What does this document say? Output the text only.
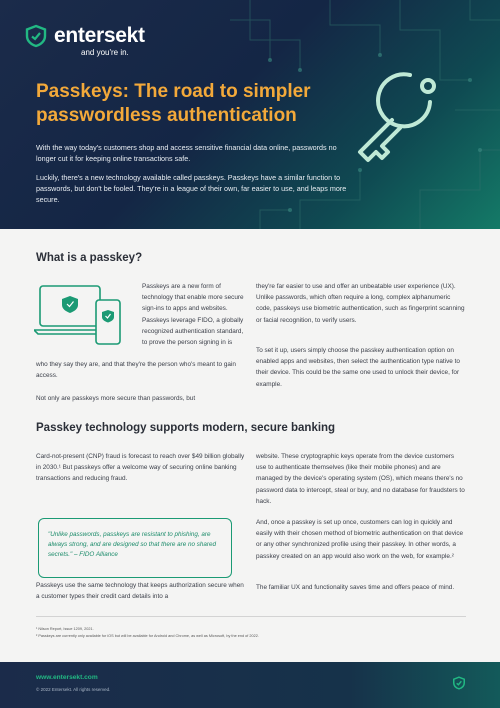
entersekt
and you're in.
Passkeys: The road to simpler passwordless authentication

With the way today's customers shop and access sensitive financial data online, passwords no longer cut it for keeping online transactions safe.

Luckily, there's a new technology available called passkeys. Passkeys have a similar function to passwords, but don't be fooled. They're in a league of their own, far easier to use, and leaps more secure.

What is a passkey?
Passkeys are a new form of technology that enable more secure sign-ins to apps and websites. Passkeys leverage FIDO, a globally recognized authentication standard, to prove the person signing in is
who they say they are, and that they're the person who's meant to gain access.
Not only are passkeys more secure than passwords, but
they're far easier to use and offer an unbeatable user experience (UX). Unlike passwords, which often require a long, complex alphanumeric code, passkeys use biometric authentication, such as fingerprint scanning or facial recognition, to verify users.
To set it up, users simply choose the passkey authentication option on enabled apps and websites, then select the authentication type native to their device. This could be the same one used to unlock their device, for example.
Passkey technology supports modern, secure banking
Card-not-present (CNP) fraud is forecast to reach over $49 billion globally in 2030.¹ But passkeys offer a welcome way of securing online banking transactions and reducing fraud.
"Unlike passwords, passkeys are resistant to phishing, are always strong, and are designed so that there are no shared secrets." – FIDO Alliance
Passkeys use the same technology that keeps authorization secure when a customer types their credit card details into a
website. These cryptographic keys operate from the device customers use to authenticate themselves (like their mobile phones) and are managed by the device's operating system (OS), which means there's no password data to intercept, steal or buy, and no database for fraudsters to hack.
And, once a passkey is set up once, customers can log in quickly and easily with their chosen method of biometric authentication on that device or any other synchronized profile using their passkey. In other words, a passkey created on an app would also work on the web, for example.²
The familiar UX and functionality saves time and offers peace of mind.
¹ Nilson Report, Issue 1209, 2021.
² Passkeys are currently only available for iOS but will be available for Android and Chrome, as well as Microsoft, by the end of 2022.
www.entersekt.com
© 2022 Entersekt. All rights reserved.
